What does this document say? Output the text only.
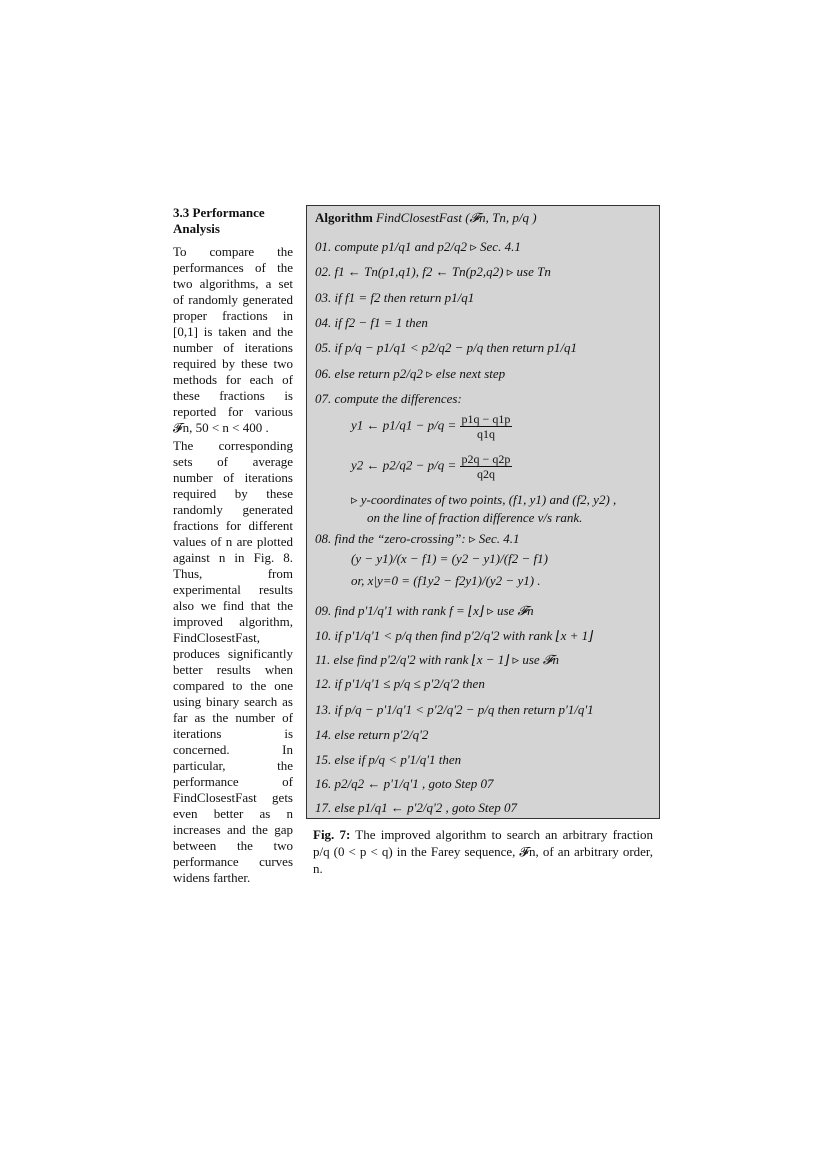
3.3 Performance Analysis

To compare the performances of the two algorithms, a set of randomly generated proper fractions in [0,1] is taken and the number of iterations required by these two methods for each of these fractions is reported for various 𝓕n, 50 < n < 400 .

The corresponding sets of average number of iterations required by these randomly generated fractions for different values of n are plotted against n in Fig. 8. Thus, from experimental results also we find that the improved algorithm, FindClosestFast, produces significantly better results when compared to the one using binary search as far as the number of iterations is concerned. In particular, the performance of FindClosestFast gets even better as n increases and the gap between the two performance curves widens farther.

Algorithm FindClosestFast (𝓕n, Tn, p/q )
01. compute p1/q1 and p2/q2 ▹ Sec. 4.1
02. f1 ← Tn(p1,q1), f2 ← Tn(p2,q2) ▹ use Tn
03. if f1 = f2 then return p1/q1
04. if f2 − f1 = 1 then
05. if p/q − p1/q1 < p2/q2 − p/q then return p1/q1
06. else return p2/q2 ▹ else next step
07. compute the differences:
y1 ← $p1/q1 - p/q = \frac{p1q - q1p}{q1q}$
y2 ← $p2/q2 - p/q = \frac{p2q - q2p}{q2q}$
▹ y-coordinates of two points, (f1, y1) and (f2, y2) ,
on the line of fraction difference v/s rank.
08. find the “zero-crossing”: ▹ Sec. 4.1
(y − y1)/(x − f1) = (y2 − y1)/(f2 − f1)
or, x|y=0 = (f1y2 − f2y1)/(y2 − y1) .
09. find p'1/q'1 with rank f = ⌊x⌋ ▹ use 𝓕n
10. if p'1/q'1 < p/q then find p'2/q'2 with rank ⌊x + 1⌋
11. else find p'2/q'2 with rank ⌊x − 1⌋ ▹ use 𝓕n
12. if p'1/q'1 ≤ p/q ≤ p'2/q'2 then
13. if p/q − p'1/q'1 < p'2/q'2 − p/q then return p'1/q'1
14. else return p'2/q'2
15. else if p/q < p'1/q'1 then
16. p2/q2 ← p'1/q'1 , goto Step 07
17. else p1/q1 ← p'2/q'2 , goto Step 07
Fig. 7: The improved algorithm to search an arbitrary fraction p/q (0 < p < q) in the Farey sequence, 𝓕n, of an arbitrary order, n.
